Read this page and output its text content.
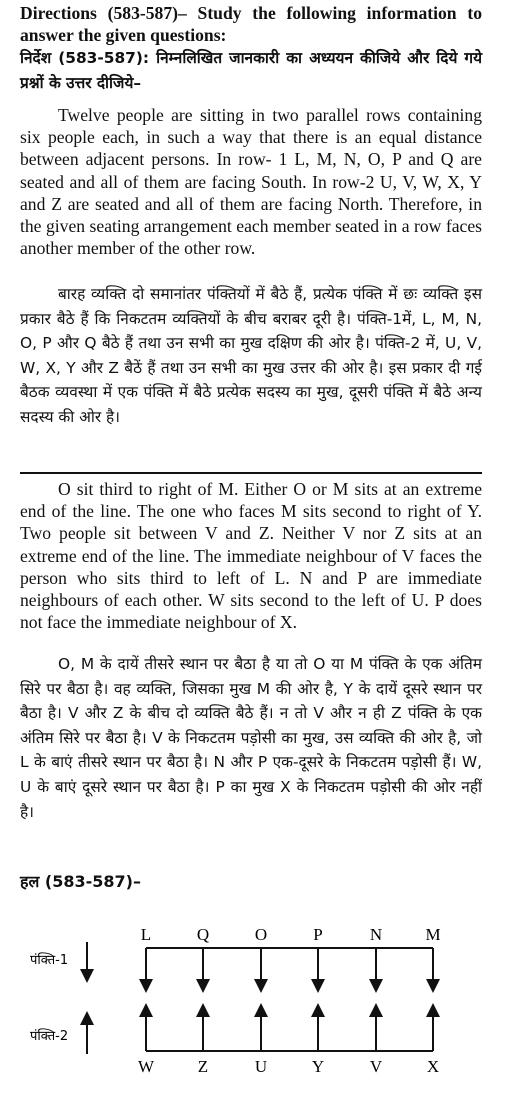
Directions (583-587)– Study the following information to answer the given questions:

निर्देश (583-587): निम्नलिखित जानकारी का अध्ययन कीजिये और दिये गये प्रश्नों के उत्तर दीजिये–

Twelve people are sitting in two parallel rows containing six people each, in such a way that there is an equal distance between adjacent persons. In row- 1 L, M, N, O, P and Q are seated and all of them are facing South. In row-2 U, V, W, X, Y and Z are seated and all of them are facing North. Therefore, in the given seating arrangement each member seated in a row faces another member of the other row.

बारह व्यक्ति दो समानांतर पंक्तियों में बैठे हैं, प्रत्येक पंक्ति में छः व्यक्ति इस प्रकार बैठे हैं कि निकटतम व्यक्तियों के बीच बराबर दूरी है। पंक्ति-1में, L, M, N, O, P और Q बैठे हैं तथा उन सभी का मुख दक्षिण की ओर है। पंक्ति-2 में, U, V, W, X, Y और Z बैठें हैं तथा उन सभी का मुख उत्तर की ओर है। इस प्रकार दी गई बैठक व्यवस्था में एक पंक्ति में बैठे प्रत्येक सदस्य का मुख, दूसरी पंक्ति में बैठे अन्य सदस्य की ओर है।

O sit third to right of M. Either O or M sits at an extreme end of the line. The one who faces M sits second to right of Y. Two people sit between V and Z. Neither V nor Z sits at an extreme end of the line. The immediate neighbour of V faces the person who sits third to left of L. N and P are immediate neighbours of each other. W sits second to the left of U. P does not face the immediate neighbour of X.

O, M के दायें तीसरे स्थान पर बैठा है या तो O या M पंक्ति के एक अंतिम सिरे पर बैठा है। वह व्यक्ति, जिसका मुख M की ओर है, Y के दायें दूसरे स्थान पर बैठा है। V और Z के बीच दो व्यक्ति बैठे हैं। न तो V और न ही Z पंक्ति के एक अंतिम सिरे पर बैठा है। V के निकटतम पड़ोसी का मुख, उस व्यक्ति की ओर है, जो L के बाएं तीसरे स्थान पर बैठा है। N और P एक-दूसरे के निकटतम पड़ोसी हैं। W, U के बाएं दूसरे स्थान पर बैठा है। P का मुख X के निकटतम पड़ोसी की ओर नहीं है।

हल (583-587)–
पंक्ति-1
पंक्ति-2
L	Q	O	P	N	M
W	Z	U	Y	V	X
